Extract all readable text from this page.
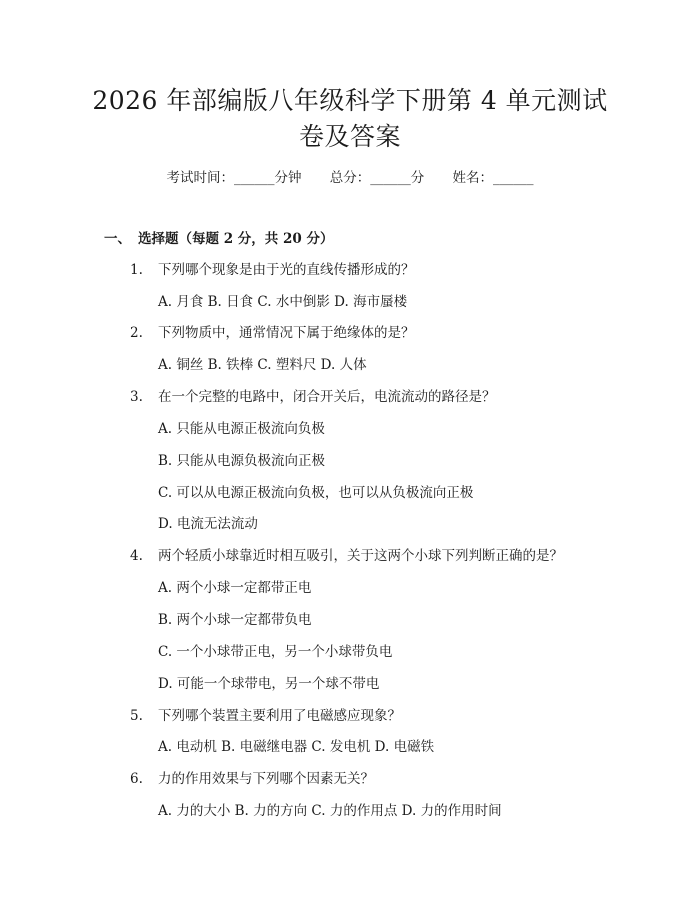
2026 年部编版八年级科学下册第 4 单元测试
卷及答案
考试时间：______分钟 总分：______分 姓名：______
一、 选择题（每题 2 分，共 20 分）
1. 下列哪个现象是由于光的直线传播形成的？
A. 月食 B. 日食 C. 水中倒影 D. 海市蜃楼
2. 下列物质中，通常情况下属于绝缘体的是？
A. 铜丝 B. 铁棒 C. 塑料尺 D. 人体
3. 在一个完整的电路中，闭合开关后，电流流动的路径是？
A. 只能从电源正极流向负极
B. 只能从电源负极流向正极
C. 可以从电源正极流向负极，也可以从负极流向正极
D. 电流无法流动
4. 两个轻质小球靠近时相互吸引，关于这两个小球下列判断正确的是？
A. 两个小球一定都带正电
B. 两个小球一定都带负电
C. 一个小球带正电，另一个小球带负电
D. 可能一个球带电，另一个球不带电
5. 下列哪个装置主要利用了电磁感应现象？
A. 电动机 B. 电磁继电器 C. 发电机 D. 电磁铁
6. 力的作用效果与下列哪个因素无关？
A. 力的大小 B. 力的方向 C. 力的作用点 D. 力的作用时间
